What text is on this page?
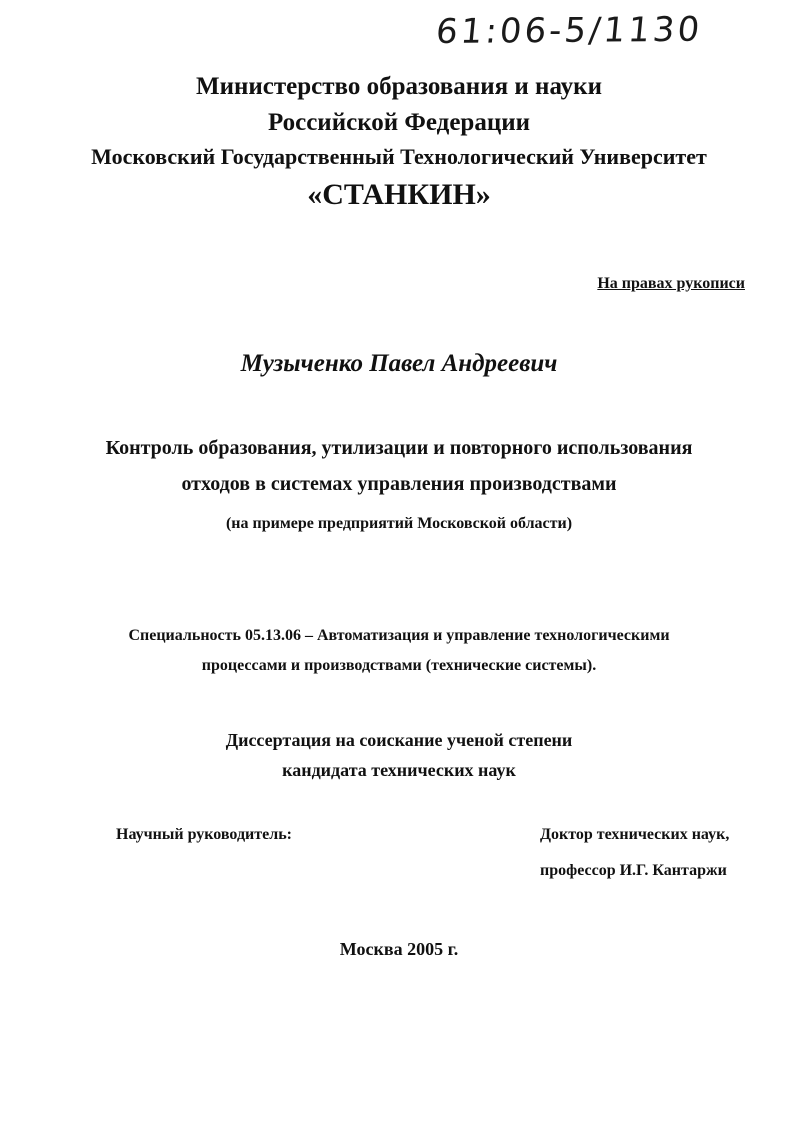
61:06-5/1130
Министерство образования и науки
Российской Федерации
Московский Государственный Технологический Университет
«СТАНКИН»
На правах рукописи
Музыченко Павел Андреевич
Контроль образования, утилизации и повторного использования
отходов в системах управления производствами
(на примере предприятий Московской области)
Специальность 05.13.06 – Автоматизация и управление технологическими
процессами и производствами (технические системы).
Диссертация на соискание ученой степени
кандидата технических наук
Научный руководитель:	Доктор технических наук,
профессор И.Г. Кантаржи
Москва 2005 г.
